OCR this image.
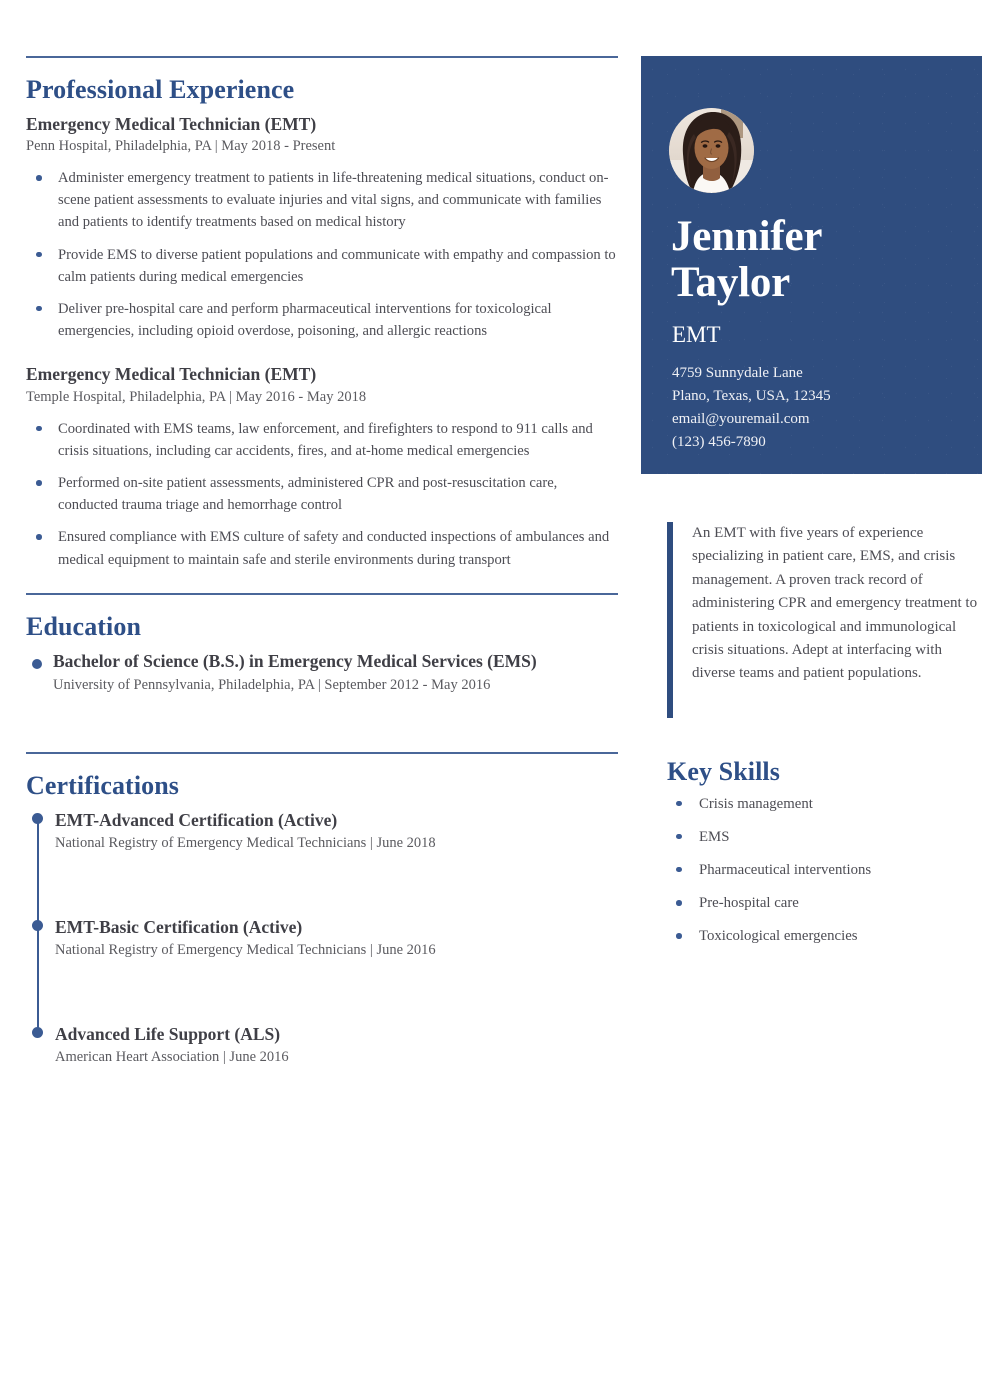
Professional Experience
Emergency Medical Technician (EMT)
Penn Hospital, Philadelphia, PA | May 2018 - Present
Administer emergency treatment to patients in life-threatening medical situations, conduct on-scene patient assessments to evaluate injuries and vital signs, and communicate with families and patients to identify treatments based on medical history
Provide EMS to diverse patient populations and communicate with empathy and compassion to calm patients during medical emergencies
Deliver pre-hospital care and perform pharmaceutical interventions for toxicological emergencies, including opioid overdose, poisoning, and allergic reactions
Emergency Medical Technician (EMT)
Temple Hospital, Philadelphia, PA | May 2016 - May 2018
Coordinated with EMS teams, law enforcement, and firefighters to respond to 911 calls and crisis situations, including car accidents, fires, and at-home medical emergencies
Performed on-site patient assessments, administered CPR and post-resuscitation care, conducted trauma triage and hemorrhage control
Ensured compliance with EMS culture of safety and conducted inspections of ambulances and medical equipment to maintain safe and sterile environments during transport
Education
Bachelor of Science (B.S.) in Emergency Medical Services (EMS)
University of Pennsylvania, Philadelphia, PA | September 2012 - May 2016
Certifications
EMT-Advanced Certification (Active)
National Registry of Emergency Medical Technicians | June 2018
EMT-Basic Certification (Active)
National Registry of Emergency Medical Technicians | June 2016
Advanced Life Support (ALS)
American Heart Association | June 2016
Jennifer
Taylor
EMT
4759 Sunnydale Lane
Plano, Texas, USA, 12345
email@youremail.com
(123) 456-7890
An EMT with five years of experience specializing in patient care, EMS, and crisis management. A proven track record of administering CPR and emergency treatment to patients in toxicological and immunological crisis situations. Adept at interfacing with diverse teams and patient populations.
Key Skills
Crisis management
EMS
Pharmaceutical interventions
Pre-hospital care
Toxicological emergencies
